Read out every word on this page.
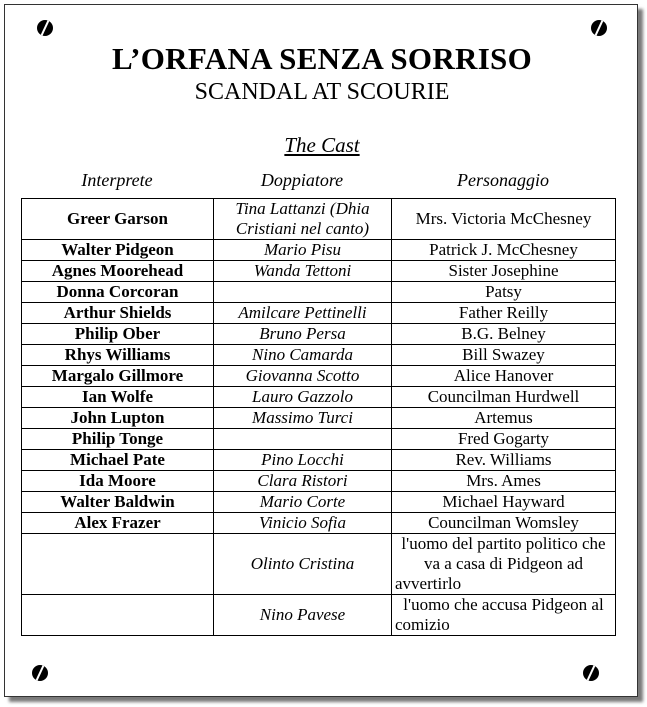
L’ORFANA SENZA SORRISO
SCANDAL AT SCOURIE
The Cast
Interprete	Doppiatore	Personaggio
Greer Garson	Tina Lattanzi (Dhia Cristiani nel canto)	Mrs. Victoria McChesney
Walter Pidgeon	Mario Pisu	Patrick J. McChesney
Agnes Moorehead	Wanda Tettoni	Sister Josephine
Donna Corcoran		Patsy
Arthur Shields	Amilcare Pettinelli	Father Reilly
Philip Ober	Bruno Persa	B.G. Belney
Rhys Williams	Nino Camarda	Bill Swazey
Margalo Gillmore	Giovanna Scotto	Alice Hanover
Ian Wolfe	Lauro Gazzolo	Councilman Hurdwell
John Lupton	Massimo Turci	Artemus
Philip Tonge		Fred Gogarty
Michael Pate	Pino Locchi	Rev. Williams
Ida Moore	Clara Ristori	Mrs. Ames
Walter Baldwin	Mario Corte	Michael Hayward
Alex Frazer	Vinicio Sofia	Councilman Womsley
	Olinto Cristina	l'uomo del partito politico che va a casa di Pidgeon ad avvertirlo
	Nino Pavese	l'uomo che accusa Pidgeon al comizio
